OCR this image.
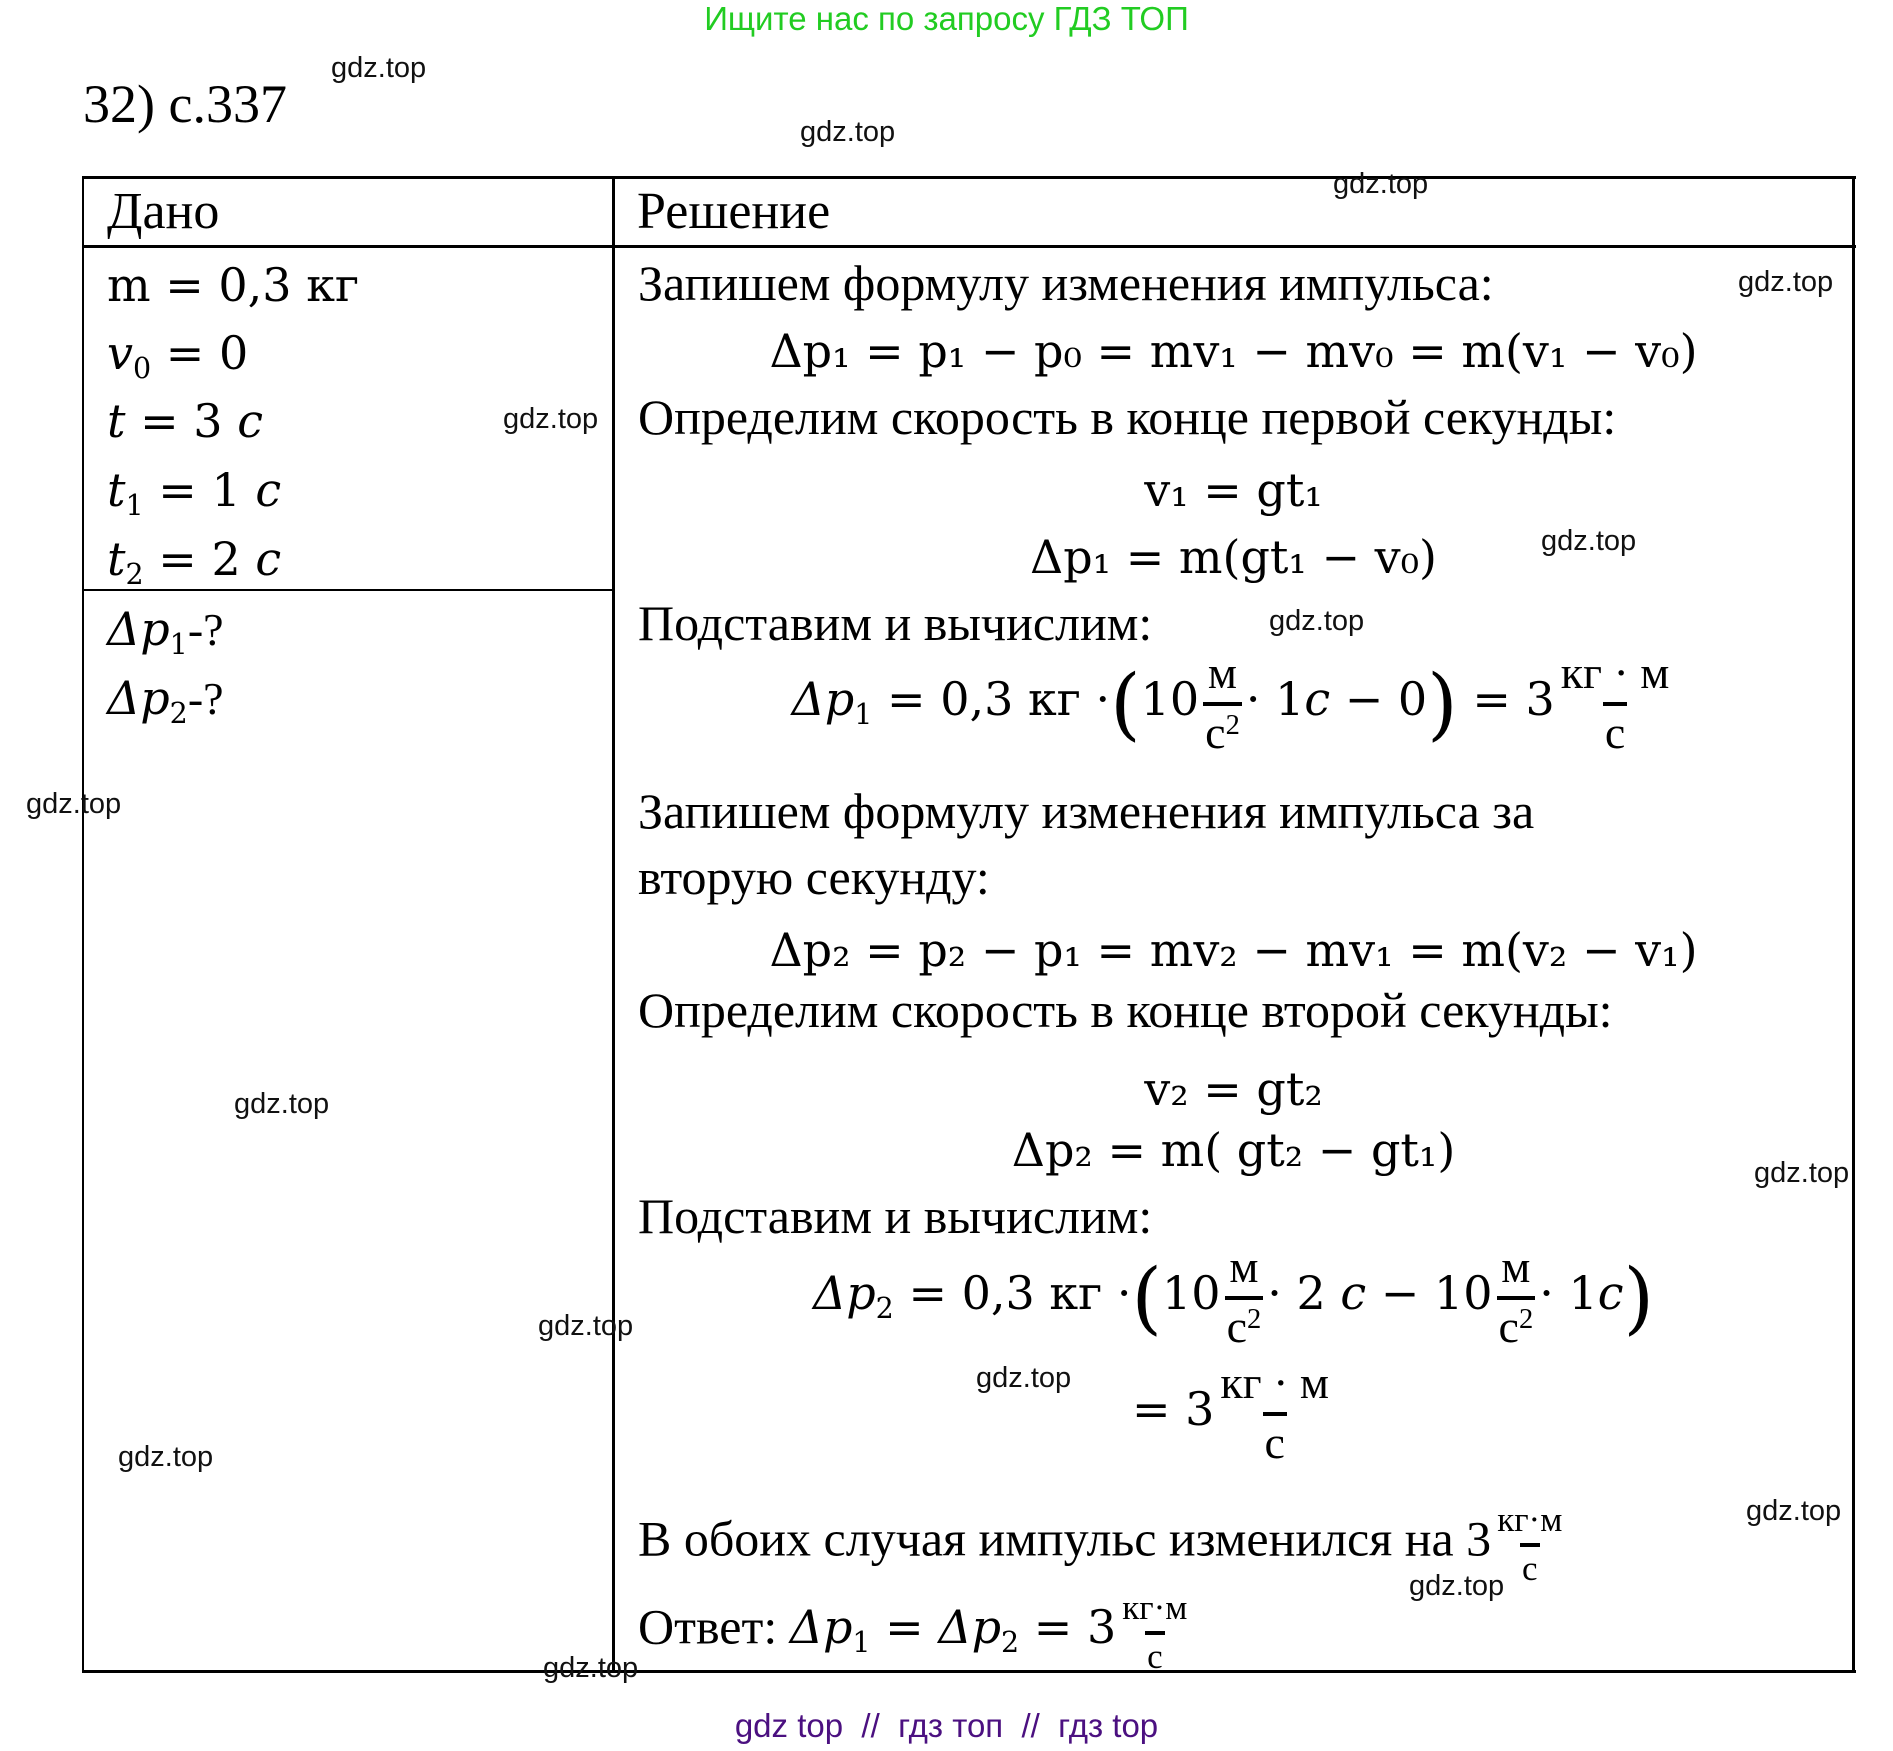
Ищите нас по запросу ГДЗ ТОП
32) с.337
Дано	Решение
m = 0,3 кг
$v_0 = 0$
t = 3 c
$t_1 = 1$ c
$t_2 = 2$ c
$\Delta p_1-$?
$\Delta p_2-$?
Запишем формулу изменения импульса:
Δp₁ = p₁ − p₀ = mv₁ − mv₀ = m(v₁ − v₀)
Определим скорость в конце первой секунды:
v₁ = gt₁
Δp₁ = m(gt₁ − v₀)
Подставим и вычислим:
$\Delta p_1 = 0,3$ кг $\cdot(10 \frac{м}{с^2} \cdot 1c - 0) = 3 \frac{кг \cdot м}{с}$
Запишем формулу изменения импульса за
вторую секунду:
Δp₂ = p₂ − p₁ = mv₂ − mv₁ = m(v₂ − v₁)
Определим скорость в конце второй секунды:
v₂ = gt₂
Δp₂ = m( gt₂ − gt₁)
Подставим и вычислим:
$\Delta p_2 = 0,3$ кг $\cdot(10 \frac{м}{с^2} \cdot 2$ $c - 10 \frac{м}{с^2} \cdot 1c$)
= $3 \frac{кг \cdot м}{с}$
В обоих случая импульс изменился на $3 \frac{кг\cdot м}{с}$
Ответ: $\Delta p_1 = \Delta p_2 = 3 \frac{кг\cdot м}{с}$
gdz.top
gdz.top
gdz.top
gdz.top
gdz.top
gdz.top
gdz.top
gdz.top
gdz.top
gdz.top
gdz.top
gdz.top
gdz.top
gdz.top
gdz.top
gdz.top
gdz top  //  гдз топ  //  гдз top
